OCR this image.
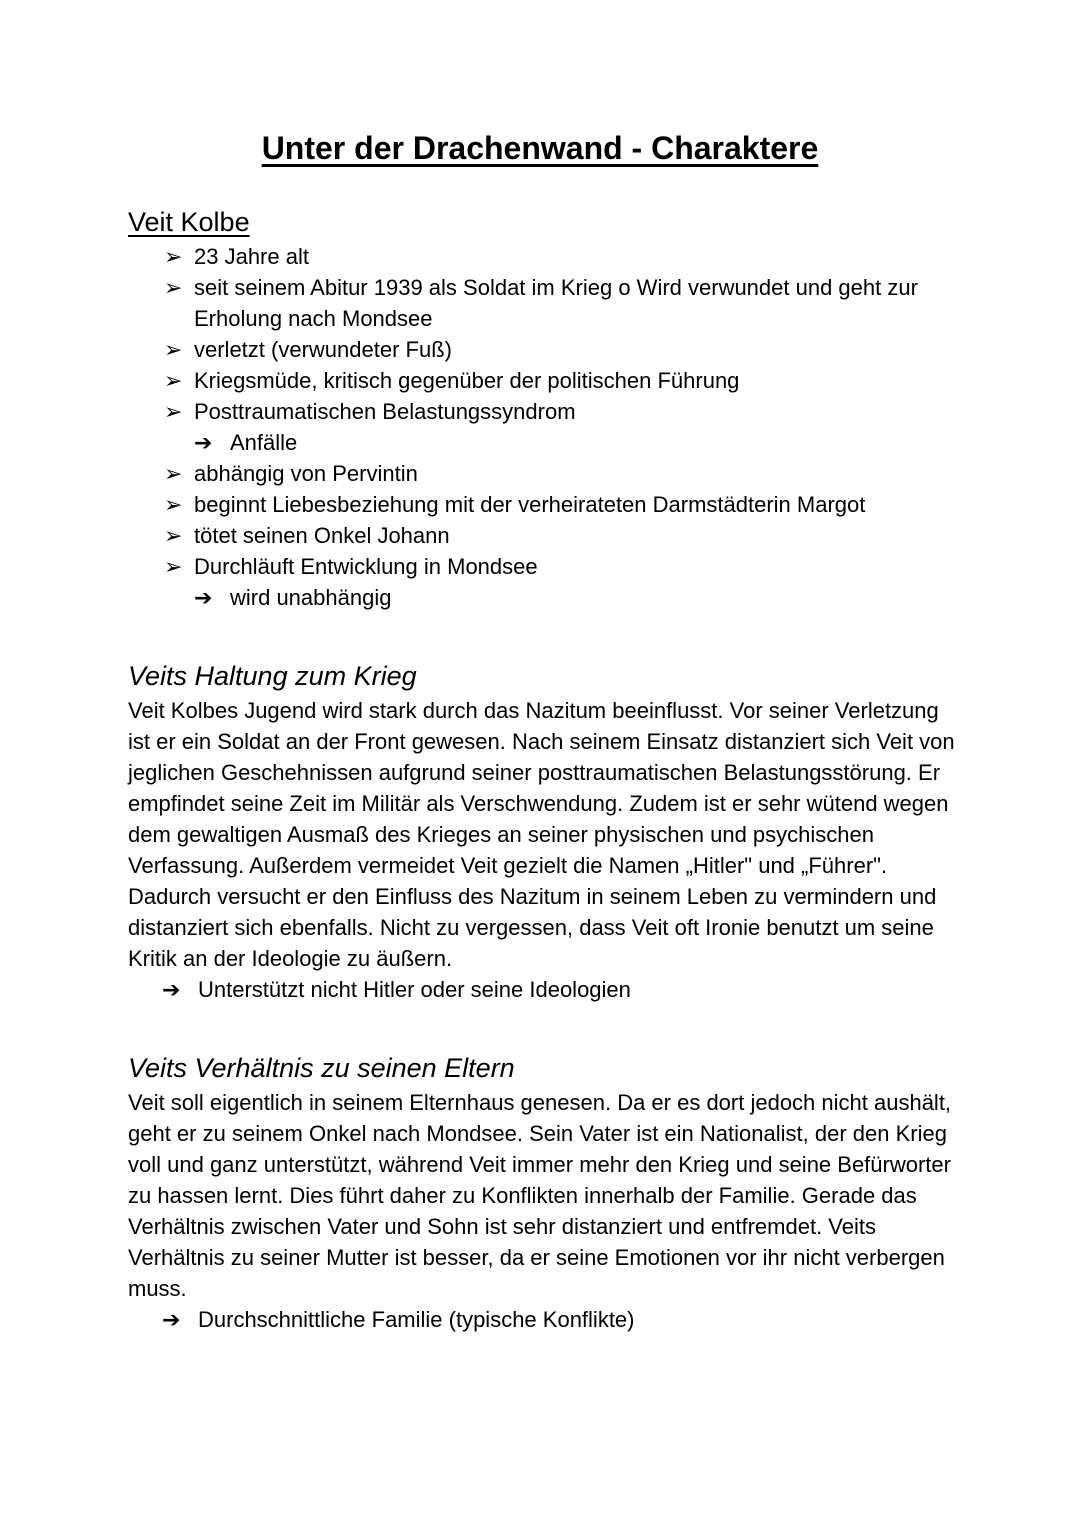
Unter der Drachenwand - Charaktere
Veit Kolbe
➢ 23 Jahre alt
➢ seit seinem Abitur 1939 als Soldat im Krieg o Wird verwundet und geht zur Erholung nach Mondsee
➢ verletzt (verwundeter Fuß)
➢ Kriegsmüde, kritisch gegenüber der politischen Führung
➢ Posttraumatischen Belastungssyndrom
➔ Anfälle
➢ abhängig von Pervintin
➢ beginnt Liebesbeziehung mit der verheirateten Darmstädterin Margot
➢ tötet seinen Onkel Johann
➢ Durchläuft Entwicklung in Mondsee
➔ wird unabhängig
Veits Haltung zum Krieg

Veit Kolbes Jugend wird stark durch das Nazitum beeinflusst. Vor seiner Verletzung ist er ein Soldat an der Front gewesen. Nach seinem Einsatz distanziert sich Veit von jeglichen Geschehnissen aufgrund seiner posttraumatischen Belastungsstörung. Er empfindet seine Zeit im Militär als Verschwendung. Zudem ist er sehr wütend wegen dem gewaltigen Ausmaß des Krieges an seiner physischen und psychischen Verfassung. Außerdem vermeidet Veit gezielt die Namen „Hitler" und „Führer". Dadurch versucht er den Einfluss des Nazitum in seinem Leben zu vermindern und distanziert sich ebenfalls. Nicht zu vergessen, dass Veit oft Ironie benutzt um seine Kritik an der Ideologie zu äußern.

➔ Unterstützt nicht Hitler oder seine Ideologien
Veits Verhältnis zu seinen Eltern

Veit soll eigentlich in seinem Elternhaus genesen. Da er es dort jedoch nicht aushält, geht er zu seinem Onkel nach Mondsee. Sein Vater ist ein Nationalist, der den Krieg voll und ganz unterstützt, während Veit immer mehr den Krieg und seine Befürworter zu hassen lernt. Dies führt daher zu Konflikten innerhalb der Familie. Gerade das Verhältnis zwischen Vater und Sohn ist sehr distanziert und entfremdet. Veits Verhältnis zu seiner Mutter ist besser, da er seine Emotionen vor ihr nicht verbergen muss.

➔ Durchschnittliche Familie (typische Konflikte)
